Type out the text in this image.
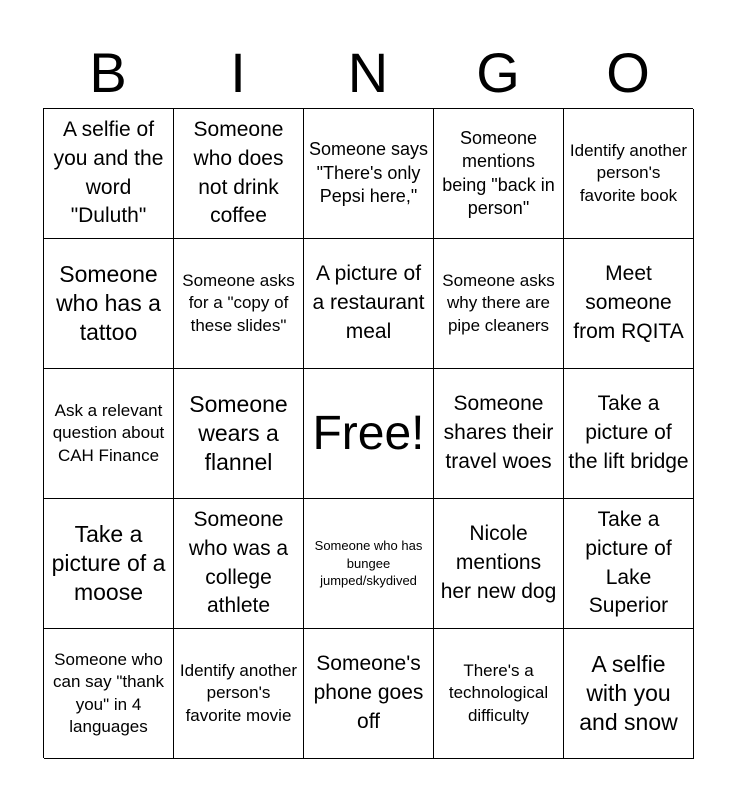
B	I	N	G	O
A selfie of you and the word "Duluth"
Someone who does not drink coffee
Someone says "There's only Pepsi here,"
Someone mentions being "back in person"
Identify another person's favorite book
Someone who has a tattoo
Someone asks for a "copy of these slides"
A picture of a restaurant meal
Someone asks why there are pipe cleaners
Meet someone from RQITA
Ask a relevant question about CAH Finance
Someone wears a flannel
Free!
Someone shares their travel woes
Take a picture of the lift bridge
Take a picture of a moose
Someone who was a college athlete
Someone who has bungee jumped/skydived
Nicole mentions her new dog
Take a picture of Lake Superior
Someone who can say "thank you" in 4 languages
Identify another person's favorite movie
Someone's phone goes off
There's a technological difficulty
A selfie with you and snow
